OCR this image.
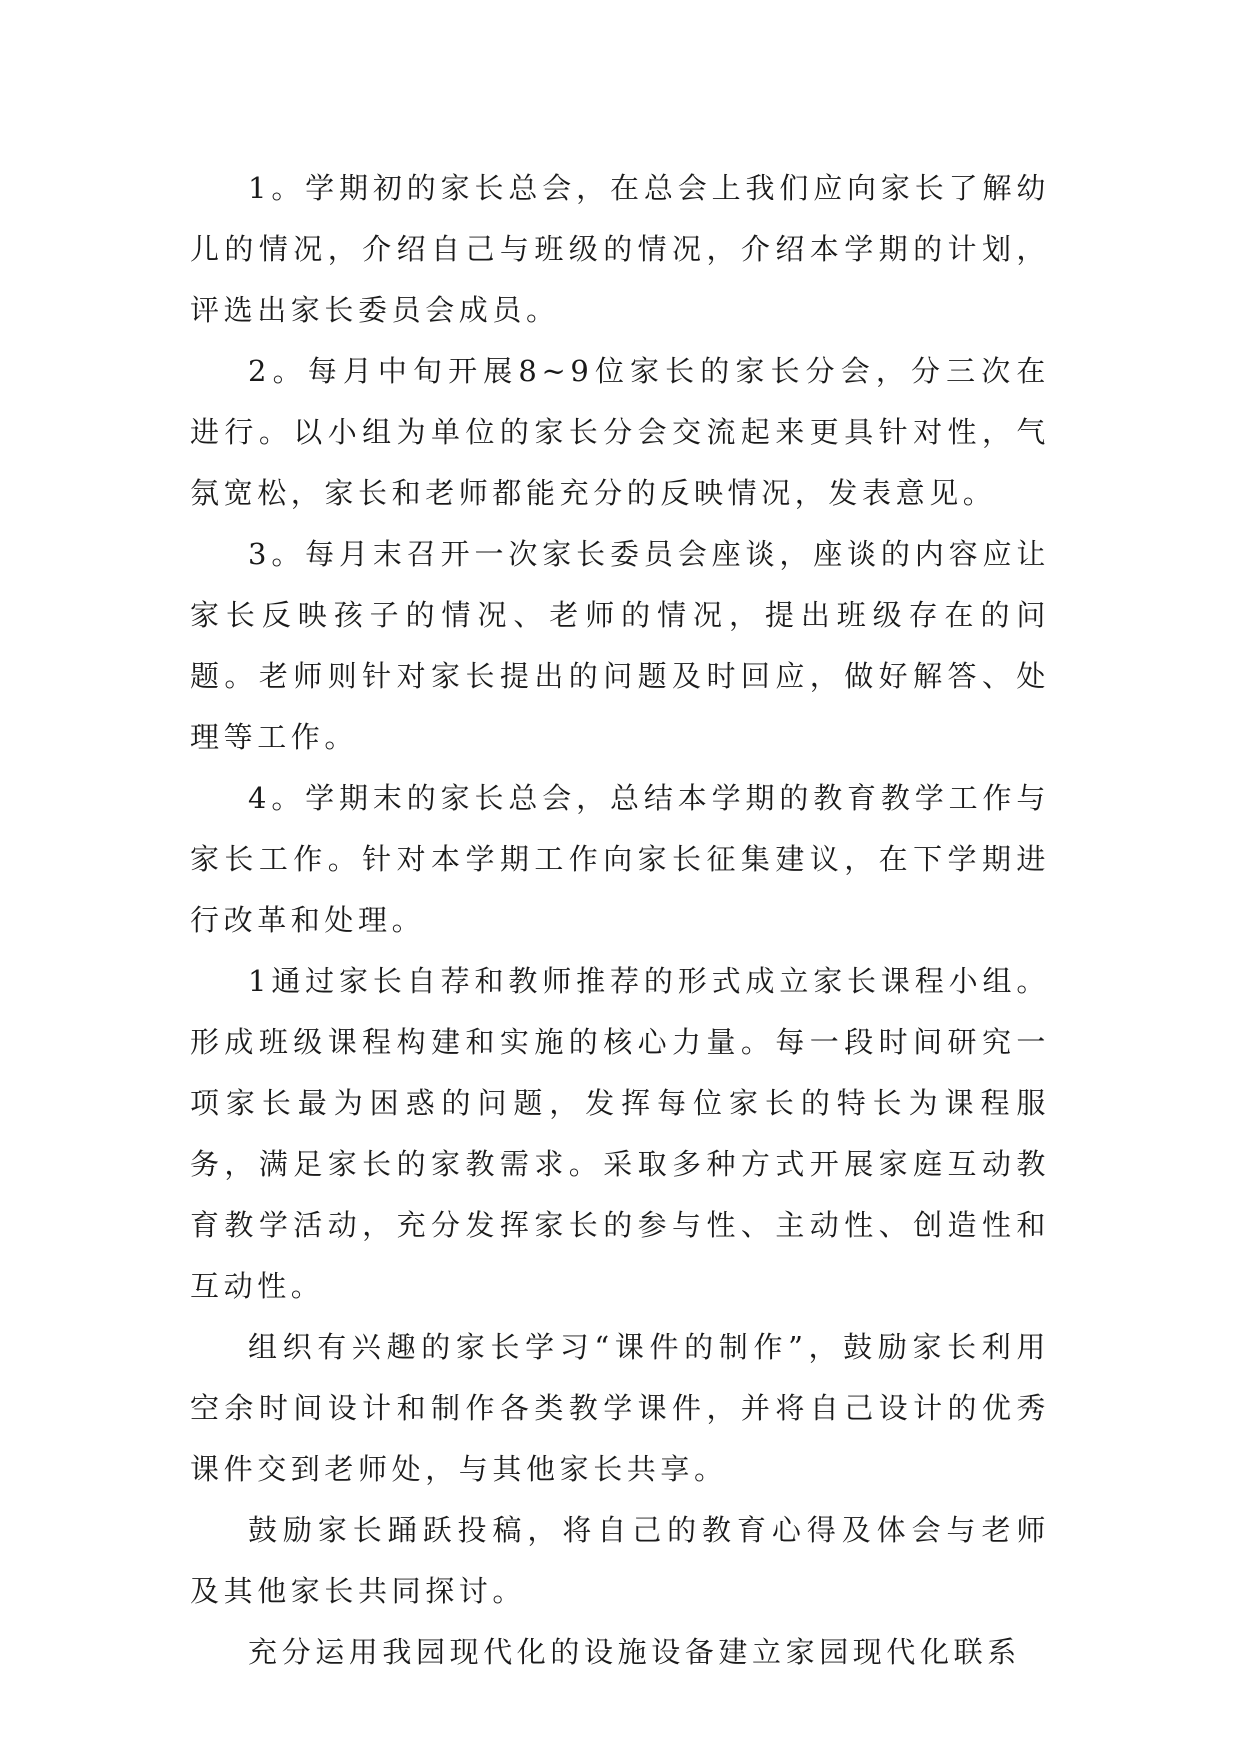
1。学期初的家长总会，在总会上我们应向家长了解幼儿的情况，介绍自己与班级的情况，介绍本学期的计划，评选出家长委员会成员。

2。每月中旬开展8~9位家长的家长分会，分三次在进行。以小组为单位的家长分会交流起来更具针对性，气氛宽松，家长和老师都能充分的反映情况，发表意见。

3。每月末召开一次家长委员会座谈，座谈的内容应让家长反映孩子的情况、老师的情况，提出班级存在的问题。老师则针对家长提出的问题及时回应，做好解答、处理等工作。

4。学期末的家长总会，总结本学期的教育教学工作与家长工作。针对本学期工作向家长征集建议，在下学期进行改革和处理。

1通过家长自荐和教师推荐的形式成立家长课程小组。形成班级课程构建和实施的核心力量。每一段时间研究一项家长最为困惑的问题，发挥每位家长的特长为课程服务，满足家长的家教需求。采取多种方式开展家庭互动教育教学活动，充分发挥家长的参与性、主动性、创造性和互动性。

组织有兴趣的家长学习“课件的制作”，鼓励家长利用空余时间设计和制作各类教学课件，并将自己设计的优秀课件交到老师处，与其他家长共享。

鼓励家长踊跃投稿，将自己的教育心得及体会与老师及其他家长共同探讨。

充分运用我园现代化的设施设备建立家园现代化联系
